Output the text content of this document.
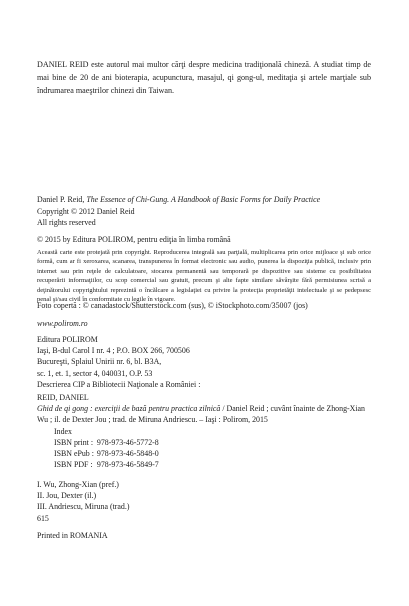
DANIEL REID este autorul mai multor cărţi despre medicina tradiţională chineză. A studiat timp de mai bine de 20 de ani bioterapia, acupunctura, masajul, qi gong-ul, meditaţia şi artele marţiale sub îndrumarea maeştrilor chinezi din Taiwan.

Daniel P. Reid, The Essence of Chi-Gung. A Handbook of Basic Forms for Daily Practice

Copyright © 2012 Daniel Reid

All rights reserved

© 2015 by Editura POLIROM, pentru ediţia în limba română

Această carte este protejată prin copyright. Reproducerea integrală sau parţială, multiplicarea prin orice mijloace şi sub orice formă, cum ar fi xeroxarea, scanarea, transpunerea în format electronic sau audio, punerea la dispoziţia publică, inclusiv prin internet sau prin reţele de calculatoare, stocarea permanentă sau temporară pe dispozitive sau sisteme cu posibilitatea recuperării informaţiilor, cu scop comercial sau gratuit, precum şi alte fapte similare săvârşite fără permisiunea scrisă a deţinătorului copyrightului reprezintă o încălcare a legislaţiei cu privire la protecţia proprietăţii intelectuale şi se pedepsesc penal şi/sau civil în conformitate cu legile în vigoare.

Foto copertă : © canadastock/Shutterstock.com (sus), © iStockphoto.com/35007 (jos)

www.polirom.ro

Editura POLIROM

Iaşi, B-dul Carol I nr. 4 ; P.O. BOX 266, 700506

Bucureşti, Splaiul Unirii nr. 6, bl. B3A,

sc. 1, et. 1, sector 4, 040031, O.P. 53

Descrierea CIP a Bibliotecii Naţionale a României :

REID, DANIEL

Ghid de qi gong : exerciţii de bază pentru practica zilnică / Daniel Reid ; cuvânt înainte de Zhong-Xian Wu ; il. de Dexter Jou ; trad. de Miruna Andriescu. – Iaşi : Polirom, 2015

Index

ISBN print :	978-973-46-5772-8
ISBN ePub :	978-973-46-5848-0
ISBN PDF :	978-973-46-5849-7

I. Wu, Zhong-Xian (pref.)

II. Jou, Dexter (il.)

III. Andriescu, Miruna (trad.)

615

Printed in ROMANIA
